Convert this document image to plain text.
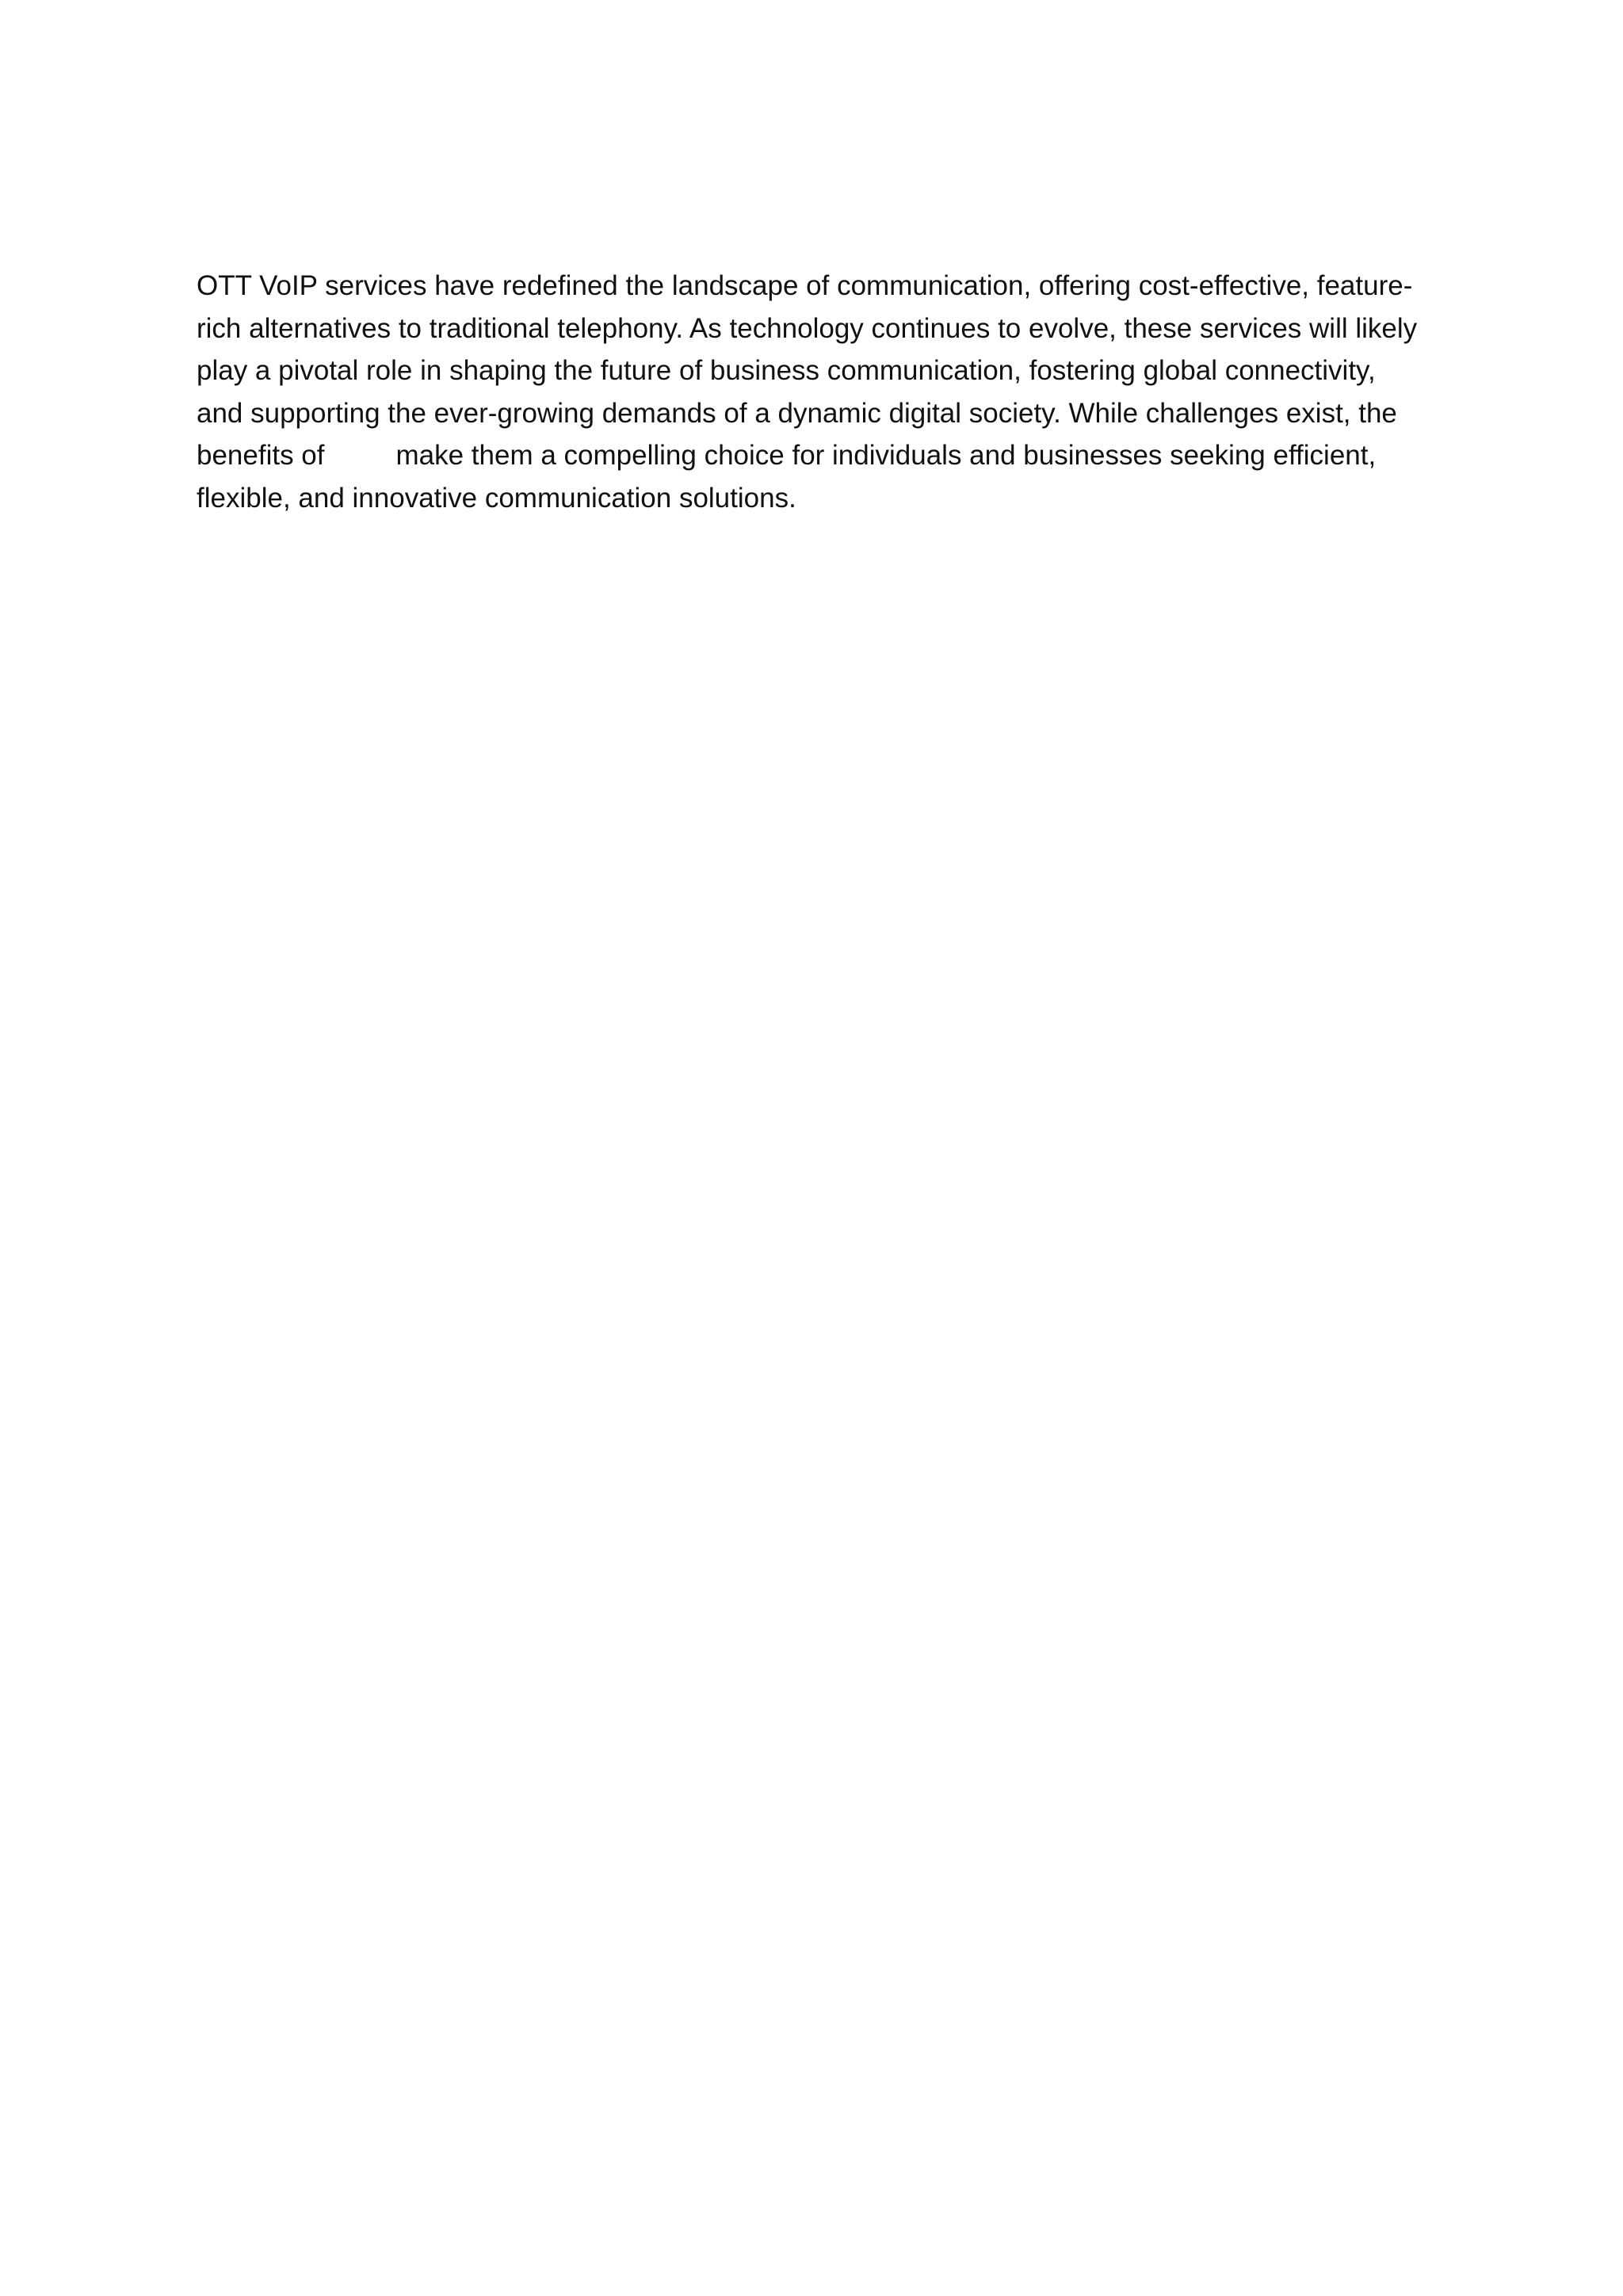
OTT VoIP services have redefined the landscape of communication, offering cost-effective, feature-
rich alternatives to traditional telephony. As technology continues to evolve, these services will likely
play a pivotal role in shaping the future of business communication, fostering global connectivity,
and supporting the ever-growing demands of a dynamic digital society. While challenges exist, the
benefits of	make them a compelling choice for individuals and businesses seeking efficient,
flexible, and innovative communication solutions.
